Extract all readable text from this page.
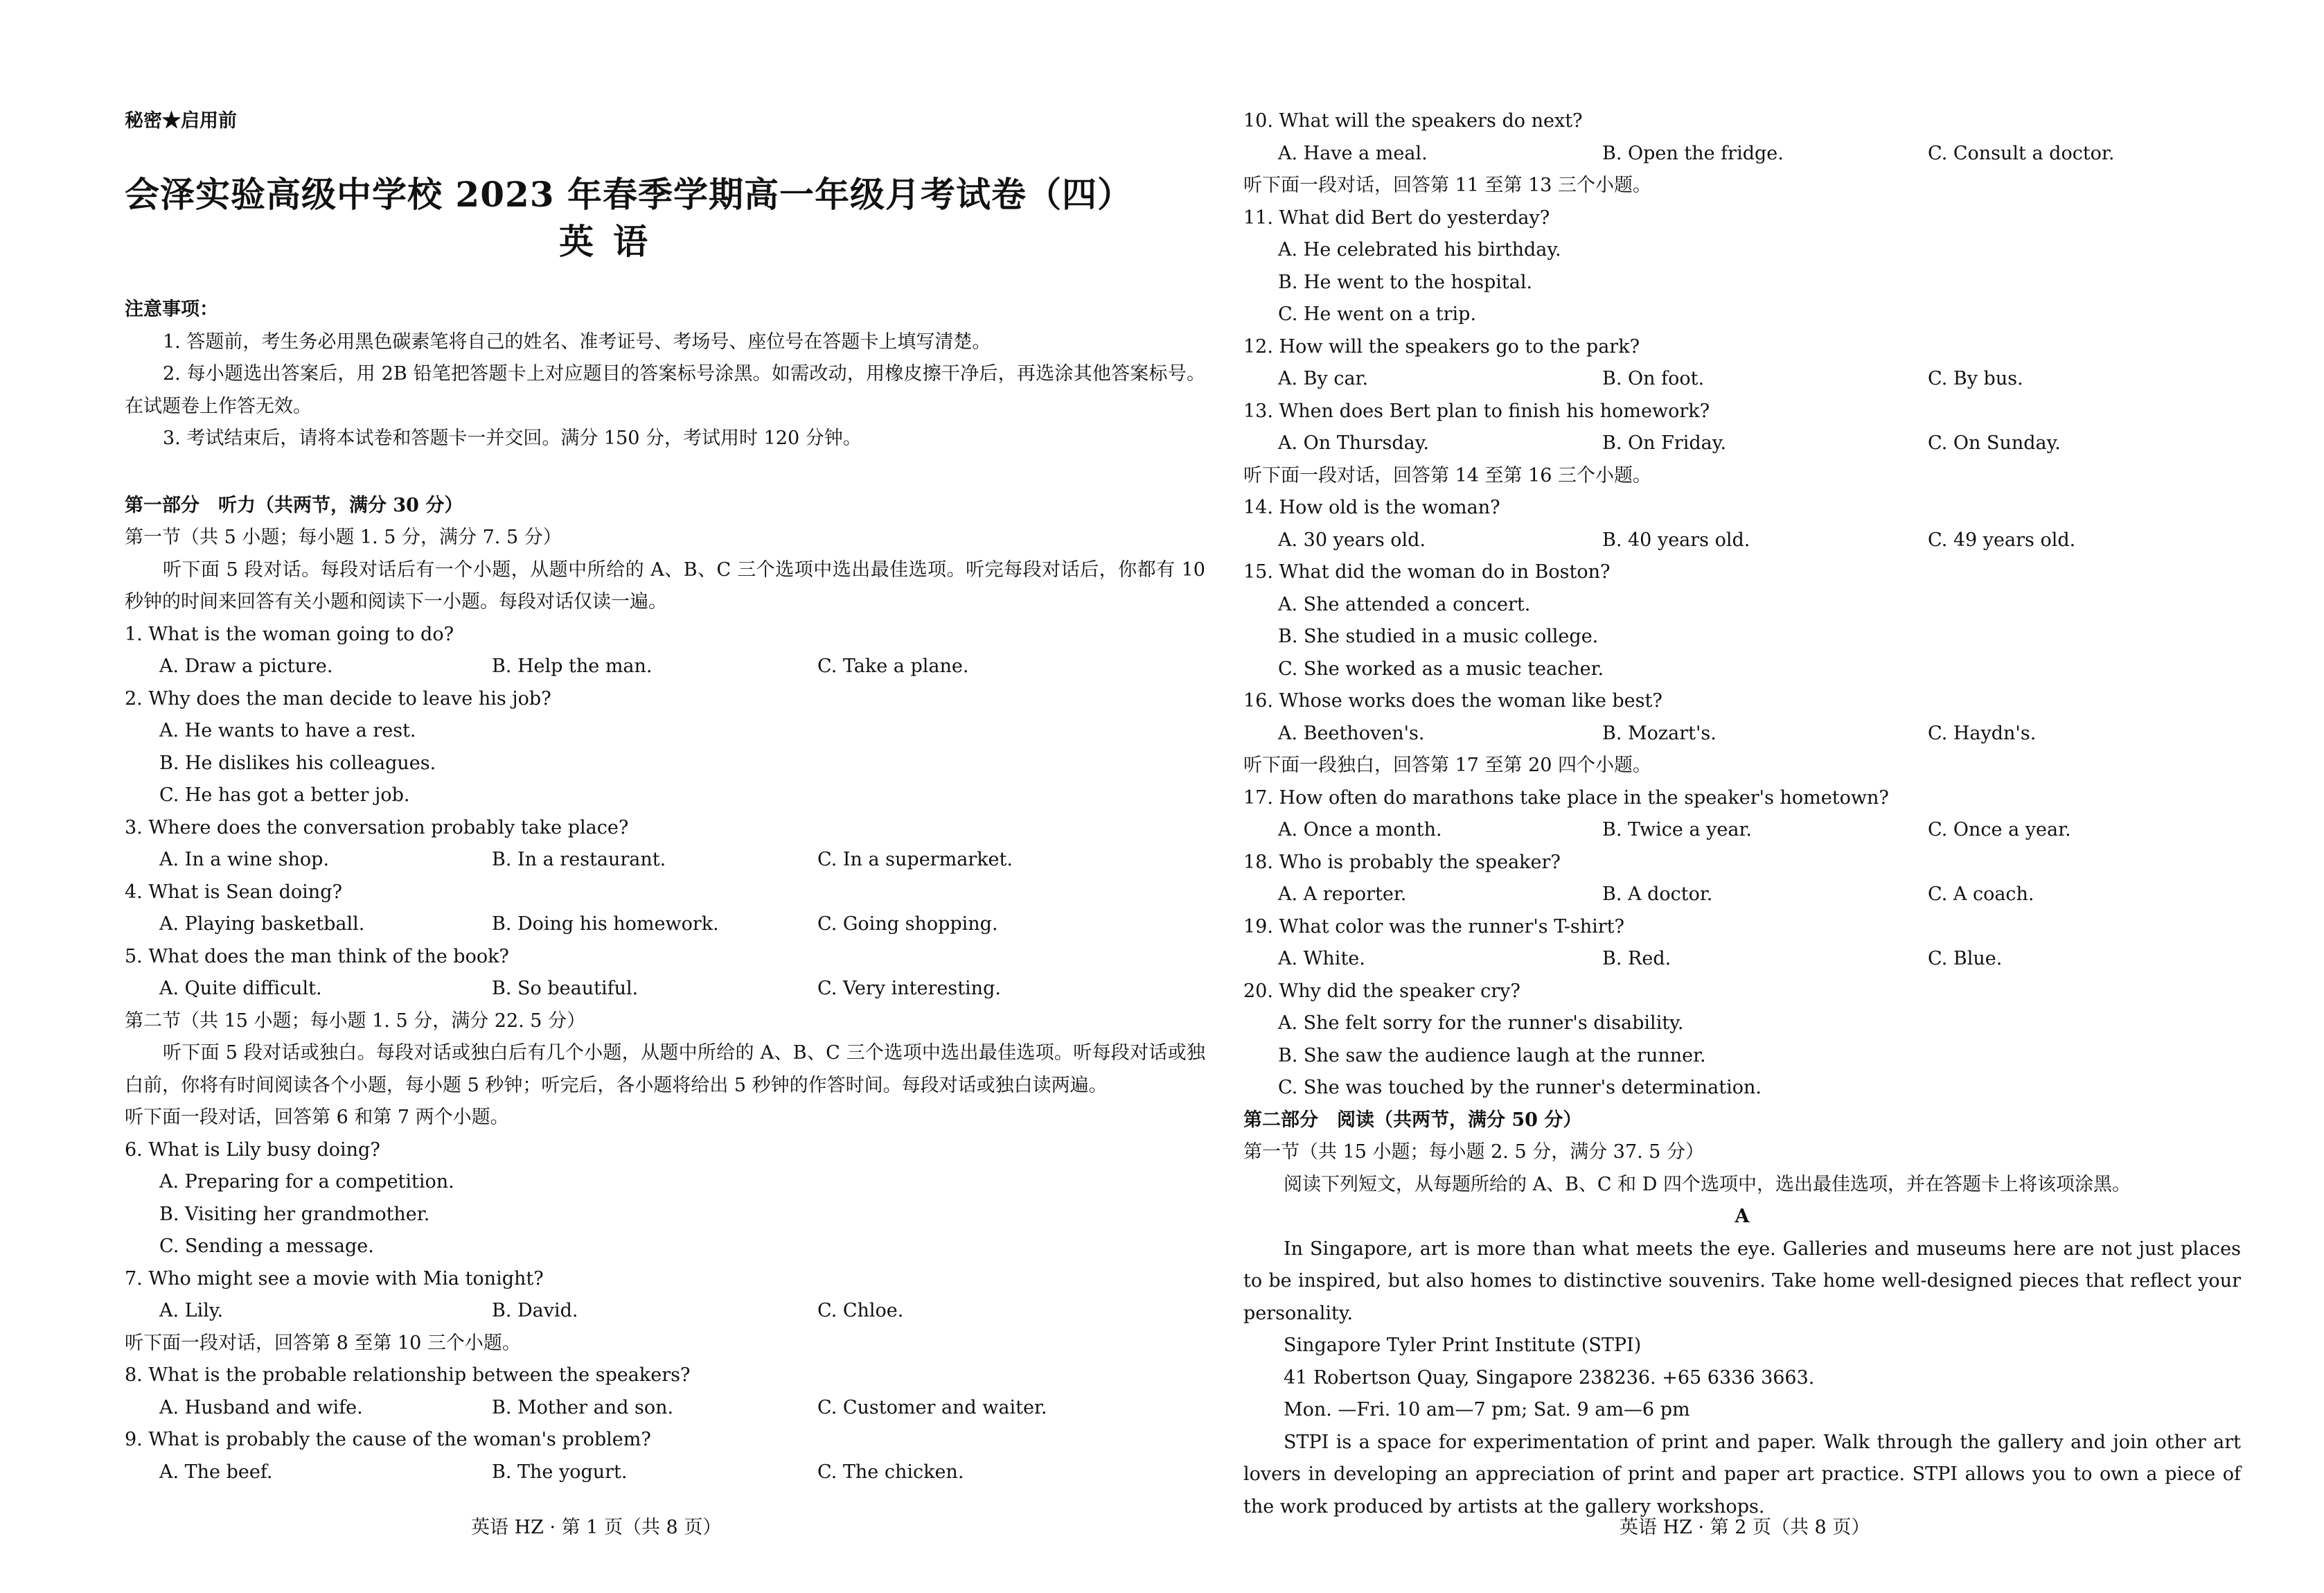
秘密★启用前
会泽实验高级中学校 2023 年春季学期高一年级月考试卷（四）
英语
注意事项：
1. 答题前，考生务必用黑色碳素笔将自己的姓名、准考证号、考场号、座位号在答题卡上填写清楚。
2. 每小题选出答案后，用 2B 铅笔把答题卡上对应题目的答案标号涂黑。如需改动，用橡皮擦干净后，再选涂其他答案标号。在试题卷上作答无效。
3. 考试结束后，请将本试卷和答题卡一并交回。满分 150 分，考试用时 120 分钟。
第一部分　听力（共两节，满分 30 分）
第一节（共 5 小题；每小题 1. 5 分，满分 7. 5 分）
听下面 5 段对话。每段对话后有一个小题，从题中所给的 A、B、C 三个选项中选出最佳选项。听完每段对话后，你都有 10 秒钟的时间来回答有关小题和阅读下一小题。每段对话仅读一遍。
1. What is the woman going to do?
A. Draw a picture.	B. Help the man.	C. Take a plane.
2. Why does the man decide to leave his job?
A. He wants to have a rest.
B. He dislikes his colleagues.
C. He has got a better job.
3. Where does the conversation probably take place?
A. In a wine shop.	B. In a restaurant.	C. In a supermarket.
4. What is Sean doing?
A. Playing basketball.	B. Doing his homework.	C. Going shopping.
5. What does the man think of the book?
A. Quite difficult.	B. So beautiful.	C. Very interesting.
第二节（共 15 小题；每小题 1. 5 分，满分 22. 5 分）
听下面 5 段对话或独白。每段对话或独白后有几个小题，从题中所给的 A、B、C 三个选项中选出最佳选项。听每段对话或独白前，你将有时间阅读各个小题，每小题 5 秒钟；听完后，各小题将给出 5 秒钟的作答时间。每段对话或独白读两遍。
听下面一段对话，回答第 6 和第 7 两个小题。
6. What is Lily busy doing?
A. Preparing for a competition.
B. Visiting her grandmother.
C. Sending a message.
7. Who might see a movie with Mia tonight?
A. Lily.	B. David.	C. Chloe.
听下面一段对话，回答第 8 至第 10 三个小题。
8. What is the probable relationship between the speakers?
A. Husband and wife.	B. Mother and son.	C. Customer and waiter.
9. What is probably the cause of the woman's problem?
A. The beef.	B. The yogurt.	C. The chicken.
英语 HZ · 第 1 页（共 8 页）
10. What will the speakers do next?
A. Have a meal.	B. Open the fridge.	C. Consult a doctor.
听下面一段对话，回答第 11 至第 13 三个小题。
11. What did Bert do yesterday?
A. He celebrated his birthday.
B. He went to the hospital.
C. He went on a trip.
12. How will the speakers go to the park?
A. By car.	B. On foot.	C. By bus.
13. When does Bert plan to finish his homework?
A. On Thursday.	B. On Friday.	C. On Sunday.
听下面一段对话，回答第 14 至第 16 三个小题。
14. How old is the woman?
A. 30 years old.	B. 40 years old.	C. 49 years old.
15. What did the woman do in Boston?
A. She attended a concert.
B. She studied in a music college.
C. She worked as a music teacher.
16. Whose works does the woman like best?
A. Beethoven's.	B. Mozart's.	C. Haydn's.
听下面一段独白，回答第 17 至第 20 四个小题。
17. How often do marathons take place in the speaker's hometown?
A. Once a month.	B. Twice a year.	C. Once a year.
18. Who is probably the speaker?
A. A reporter.	B. A doctor.	C. A coach.
19. What color was the runner's T-shirt?
A. White.	B. Red.	C. Blue.
20. Why did the speaker cry?
A. She felt sorry for the runner's disability.
B. She saw the audience laugh at the runner.
C. She was touched by the runner's determination.
第二部分　阅读（共两节，满分 50 分）
第一节（共 15 小题；每小题 2. 5 分，满分 37. 5 分）
阅读下列短文，从每题所给的 A、B、C 和 D 四个选项中，选出最佳选项，并在答题卡上将该项涂黑。
A
In Singapore, art is more than what meets the eye. Galleries and museums here are not just places to be inspired, but also homes to distinctive souvenirs. Take home well-designed pieces that reflect your personality.
Singapore Tyler Print Institute (STPI)
41 Robertson Quay, Singapore 238236. +65 6336 3663.
Mon. —Fri. 10 am—7 pm; Sat. 9 am—6 pm
STPI is a space for experimentation of print and paper. Walk through the gallery and join other art lovers in developing an appreciation of print and paper art practice. STPI allows you to own a piece of the work produced by artists at the gallery workshops.
英语 HZ · 第 2 页（共 8 页）
